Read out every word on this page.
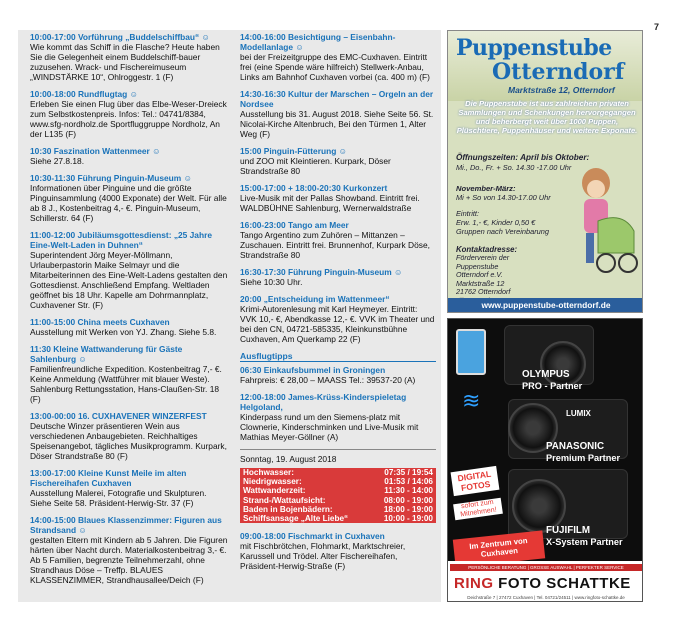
7
10:00-17:00 Vorführung „Buddelschiffbau“ ☺
Wie kommt das Schiff in die Flasche? Heute haben Sie die Gelegenheit einem Buddelschiff-bauer zuzusehen. Wrack- und Fischereimuseum „WINDSTÄRKE 10“, Ohlroggestr. 1 (F)
10:00-18:00 Rundflugtag ☺
Erleben Sie einen Flug über das Elbe-Weser-Dreieck zum Selbstkostenpreis. Infos: Tel.: 04741/8384, www.sfg-nordholz.de Sportfluggruppe Nordholz, An der L135 (F)
10:30 Faszination Wattenmeer ☺
Siehe 27.8.18.
10:30-11:30 Führung Pinguin-Museum ☺
Informationen über Pinguine und die größte Pinguinsammlung (4000 Exponate) der Welt. Für alle ab 8 J., Kostenbeitrag 4,- €. Pinguin-Museum, Schillerstr. 64 (F)
11:00-12:00 Jubiläumsgottesdienst: „25 Jahre Eine-Welt-Laden in Duhnen“
Superintendent Jörg Meyer-Möllmann, Urlauberpastorin Maike Selmayr und die Mitarbeiterinnen des Eine-Welt-Ladens gestalten den Gottesdienst. Anschließend Empfang. Weltladen geöffnet bis 18 Uhr. Kapelle am Dohrmannplatz, Cuxhavener Str. (F)
11:00-15:00 China meets Cuxhaven
Ausstellung mit Werken von YJ. Zhang. Siehe 5.8.
11:30 Kleine Wattwanderung für Gäste Sahlenburg ☺
Familienfreundliche Expedition. Kostenbeitrag 7,- €. Keine Anmeldung (Wattführer mit blauer Weste). Sahlenburg Rettungsstation, Hans-Claußen-Str. 18 (F)
13:00-00:00 16. CUXHAVENER WINZERFEST
Deutsche Winzer präsentieren Wein aus verschiedenen Anbaugebieten. Reichhaltiges Speisenangebot, tägliches Musikprogramm. Kurpark, Döser Strandstraße 80 (F)
13:00-17:00 Kleine Kunst Meile im alten Fischereihafen Cuxhaven
Ausstellung Malerei, Fotografie und Skulpturen. Siehe Seite 58. Präsident-Herwig-Str. 37 (F)
14:00-15:00 Blaues Klassenzimmer: Figuren aus Strandsand ☺
gestalten Eltern mit Kindern ab 5 Jahren. Die Figuren härten über Nacht durch. Materialkostenbeitrag 3,- €. Ab 5 Familien, begrenzte Teilnehmerzahl, ohne Strandhaus Döse – Treffp. BLAUES KLASSENZIMMER, Strandhausallee/Deich (F)
14:00-16:00 Besichtigung – Eisenbahn-Modellanlage ☺
bei der Freizeitgruppe des EMC-Cuxhaven. Eintritt frei (eine Spende wäre hilfreich) Stellwerk-Anbau, Links am Bahnhof Cuxhaven vorbei (ca. 400 m) (F)
14:30-16:30 Kultur der Marschen – Orgeln an der Nordsee
Ausstellung bis 31. August 2018. Siehe Seite 56. St. Nicolai-Kirche Altenbruch, Bei den Türmen 1, Alter Weg (F)
15:00 Pinguin-Fütterung ☺
und ZOO mit Kleintieren. Kurpark, Döser Strandstraße 80
15:00-17:00 + 18:00-20:30 Kurkonzert
Live-Musik mit der Pallas Showband. Eintritt frei. WALDBÜHNE Sahlenburg, Wernerwaldstraße
16:00-23:00 Tango am Meer
Tango Argentino zum Zuhören – Mittanzen – Zuschauen. Eintritt frei. Brunnenhof, Kurpark Döse, Strandstraße 80
16:30-17:30 Führung Pinguin-Museum ☺
Siehe 10:30 Uhr.
20:00 „Entscheidung im Wattenmeer“
Krimi-Autorenlesung mit Karl Heymeyer. Eintritt: VVK 10,- €, Abendkasse 12,- €. VVK im Theater und bei den CN, 04721-585335, Kleinkunstbühne Cuxhaven, Am Querkamp 22 (F)
Ausflugtipps
06:30 Einkaufsbummel in Groningen
Fahrpreis: € 28,00 – MAASS Tel.: 39537-20 (A)
12:00-18:00 James-Krüss-Kinderspieletag Helgoland,
Kinderpass rund um den Siemens-platz mit Clownerie, Kinderschminken und Live-Musik mit Mathias Meyer-Göllner (A)
Sonntag, 19. August 2018
Hochwasser:	07:35 / 19:54
Niedrigwasser:	01:53 / 14:06
Wattwanderzeit:	11:30 - 14:00
Strand-/Wattaufsicht:	08:00 - 19:00
Baden in Bojenbädern:	18:00 - 19:00
Schiffsansage „Alte Liebe“	10:00 - 19:00
09:00-18:00 Fischmarkt in Cuxhaven
mit Fischbrötchen, Flohmarkt, Marktschreier, Karussell und Trödel. Alter Fischereihafen, Präsident-Herwig-Straße (F)
Puppenstube
Otterndorf
Marktstraße 12, Otterndorf
Die Puppenstube ist aus zahlreichen privaten Sammlungen und Schenkungen hervorgegangen und beherbergt weit über 1000 Puppen, Plüschtiere, Puppenhäuser und weitere Exponate.
Öffnungszeiten: April bis Oktober:
Mi., Do., Fr. + So. 14.30 -17.00 Uhr
November-März:
Mi + So von 14.30-17.00 Uhr
Eintritt:
Erw. 1,- €, Kinder 0,50 €
Gruppen nach Vereinbarung
Kontaktadresse:
Förderverein der
Puppenstube
Otterndorf e.V.
Marktstraße 12
21762 Otterndorf
www.puppenstube-otterndorf.de
≋
OLYMPUS
PRO - Partner
LUMIX
PANASONIC
Premium Partner
FUJIFILM
X-System Partner
DIGITAL FOTOS
sofort zum Mitnehmen!
Im Zentrum von Cuxhaven
PERSÖNLICHE BERATUNG | GROSSE AUSWAHL | PERFEKTER SERVICE
RING FOTO SCHATTKE
Deichstraße 7 | 27472 Cuxhaven | Tel. 04721/24511 | www.ringfoto-schattke.de
